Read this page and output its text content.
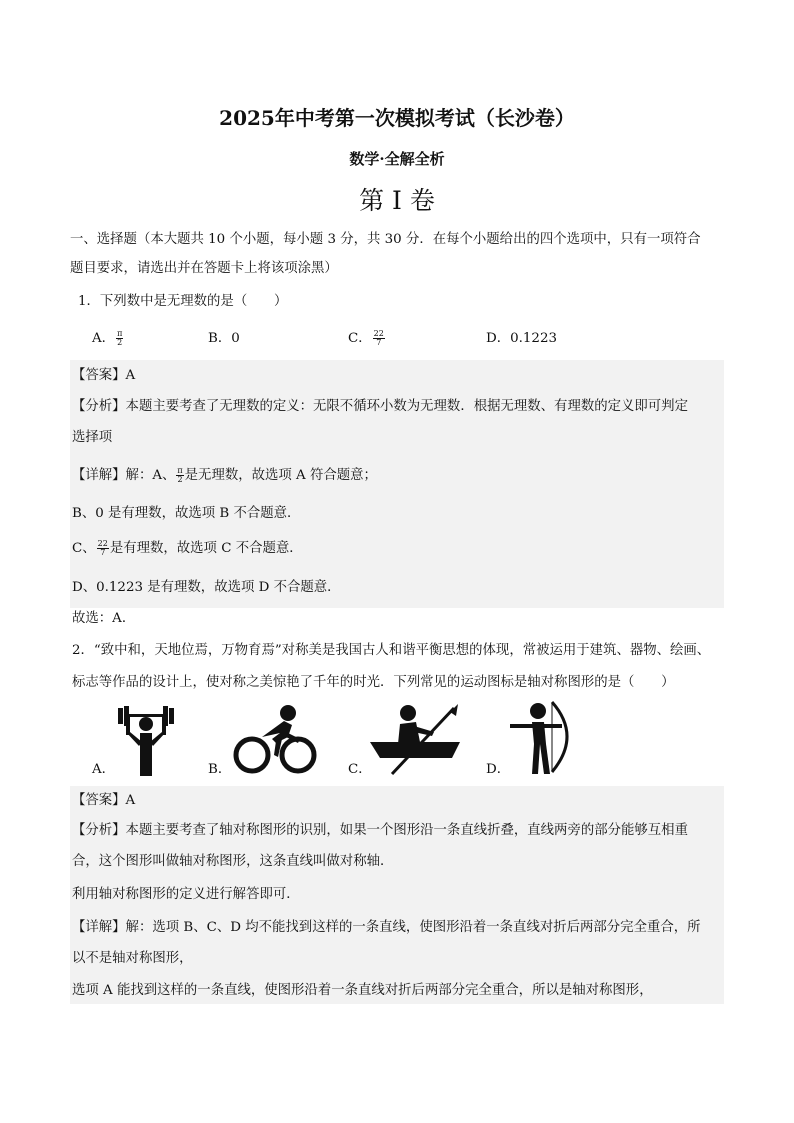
2025年中考第一次模拟考试（长沙卷）
数学·全解全析
第 I 卷
一、选择题（本大题共 10 个小题，每小题 3 分，共 30 分．在每个小题给出的四个选项中，只有一项符合
题目要求，请选出并在答题卡上将该项涂黑）
1．下列数中是无理数的是（　　）
A． $\frac{\pi}{2}$	B．0	C． $\frac{22}{7}$	D．0.1223
【答案】A
【分析】本题主要考查了无理数的定义：无限不循环小数为无理数．根据无理数、有理数的定义即可判定
选择项
【详解】解：A、 $\frac{\pi}{2}$ 是无理数，故选项 A 符合题意；
B、0 是有理数，故选项 B 不合题意．
C、 $\frac{22}{7}$ 是有理数，故选项 C 不合题意．
D、0.1223 是有理数，故选项 D 不合题意．
故选：A．
2．“致中和，天地位焉，万物育焉”对称美是我国古人和谐平衡思想的体现，常被运用于建筑、器物、绘画、
标志等作品的设计上，使对称之美惊艳了千年的时光．下列常见的运动图标是轴对称图形的是（　　）
A．	B．	C．	D．
【答案】A
【分析】本题主要考查了轴对称图形的识别，如果一个图形沿一条直线折叠，直线两旁的部分能够互相重
合，这个图形叫做轴对称图形，这条直线叫做对称轴．
利用轴对称图形的定义进行解答即可．
【详解】解：选项 B、C、D 均不能找到这样的一条直线，使图形沿着一条直线对折后两部分完全重合，所
以不是轴对称图形，
选项 A 能找到这样的一条直线，使图形沿着一条直线对折后两部分完全重合，所以是轴对称图形，
